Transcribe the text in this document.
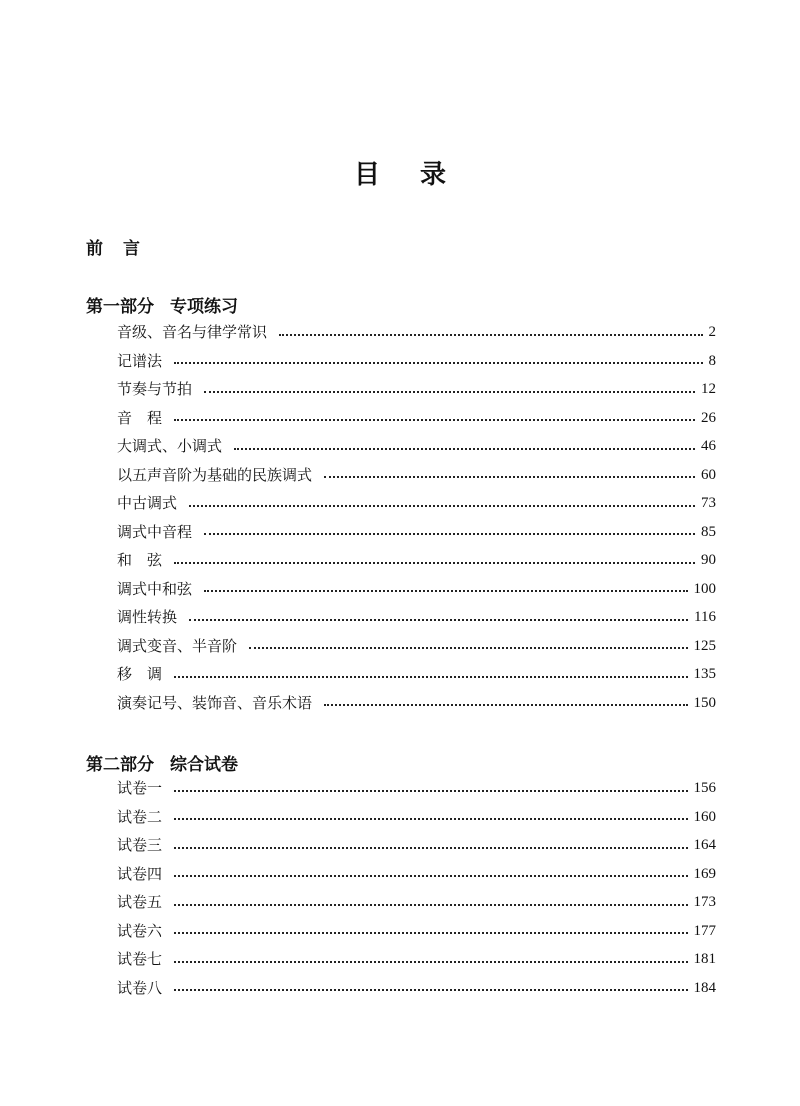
目 录
前 言
第一部分 专项练习
音级、音名与律学常识	2
记谱法	8
节奏与节拍	12
音　程	26
大调式、小调式	46
以五声音阶为基础的民族调式	60
中古调式	73
调式中音程	85
和　弦	90
调式中和弦	100
调性转换	116
调式变音、半音阶	125
移　调	135
演奏记号、装饰音、音乐术语	150
第二部分 综合试卷
试卷一	156
试卷二	160
试卷三	164
试卷四	169
试卷五	173
试卷六	177
试卷七	181
试卷八	184
